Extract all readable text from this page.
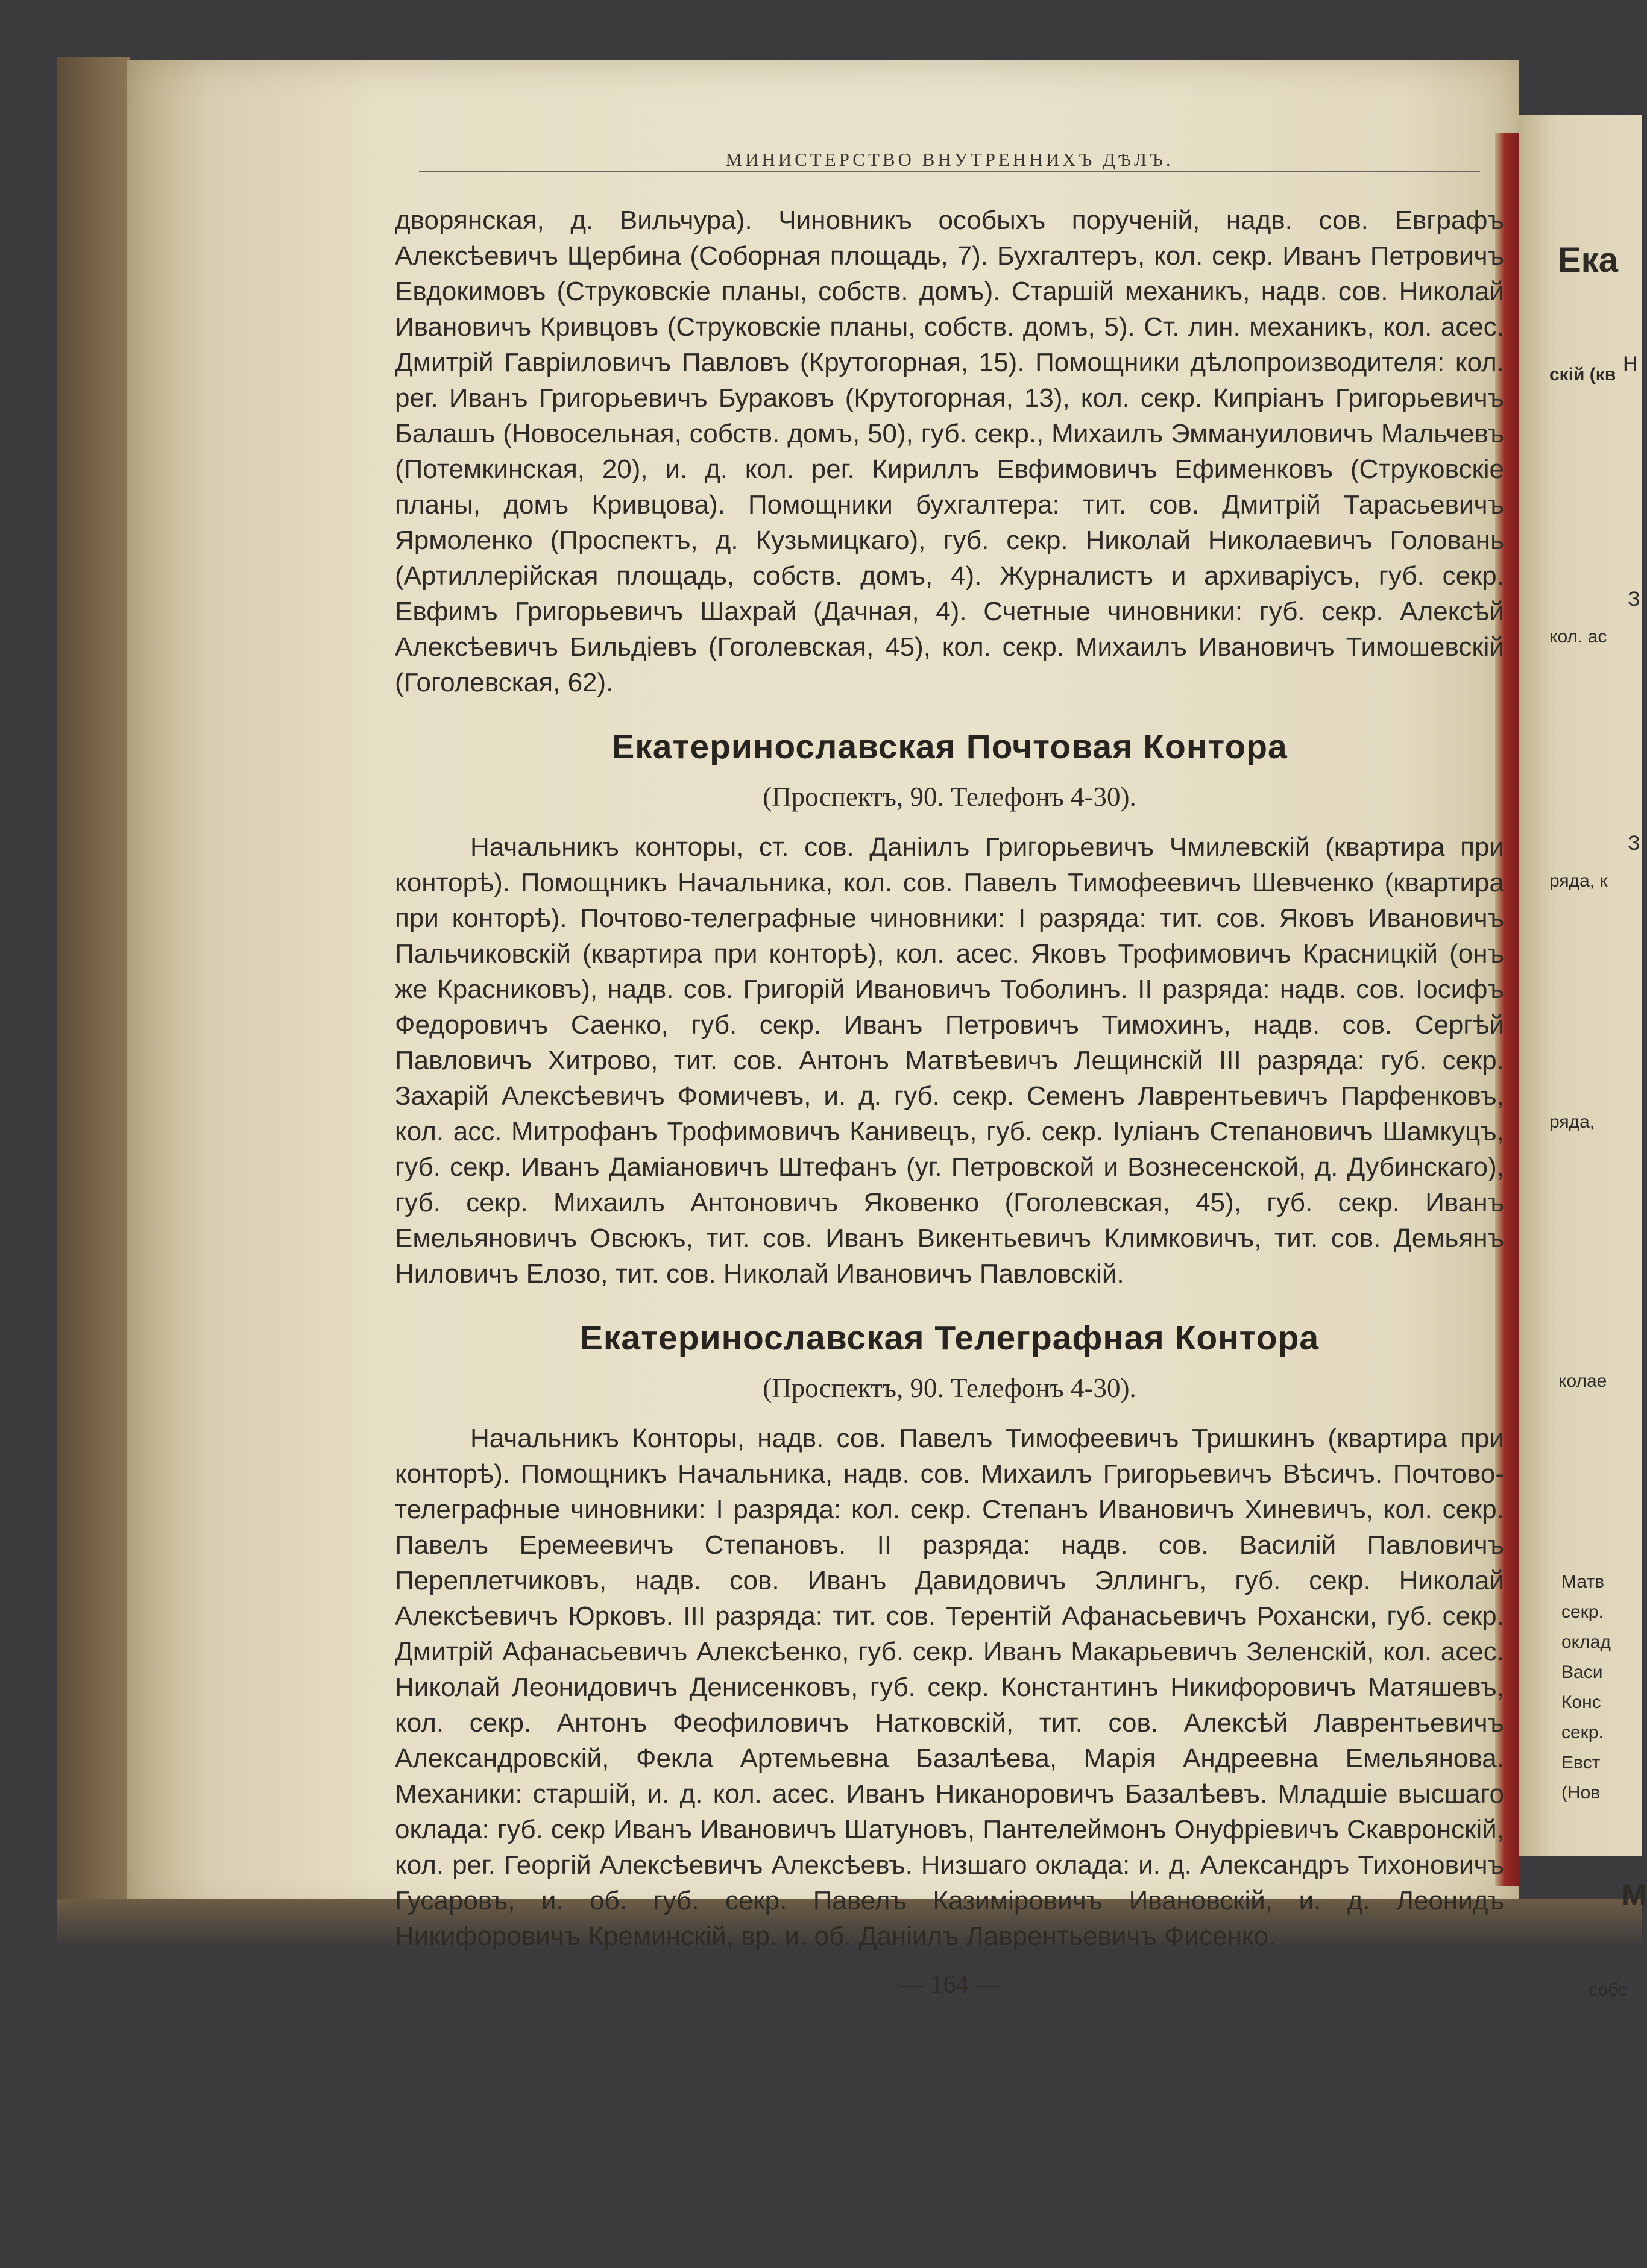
МИНИСТЕРСТВО ВНУТРЕННИХЪ ДѢЛЪ.

дворянская, д. Вильчура). Чиновникъ особыхъ порученій, надв. сов. Евграфъ Алексѣевичъ Щербина (Соборная площадь, 7). Бухгалтеръ, кол. секр. Иванъ Петровичъ Евдокимовъ (Струковскіе планы, собств. домъ). Старшій механикъ, надв. сов. Николай Ивановичъ Кривцовъ (Струковскіе планы, собств. домъ, 5). Ст. лин. механикъ, кол. асес. Дмитрій Гавріиловичъ Павловъ (Крутогорная, 15). Помощники дѣлопроизводителя: кол. рег. Иванъ Григорьевичъ Бураковъ (Крутогорная, 13), кол. секр. Кипріанъ Григорьевичъ Балашъ (Новосельная, собств. домъ, 50), губ. секр., Михаилъ Эммануиловичъ Мальчевъ (Потемкинская, 20), и. д. кол. рег. Кириллъ Евфимовичъ Ефименковъ (Струковскіе планы, домъ Кривцова). Помощники бухгалтера: тит. сов. Дмитрій Тарасьевичъ Ярмоленко (Проспектъ, д. Кузьмицкаго), губ. секр. Николай Николаевичъ Головань (Артиллерійская площадь, собств. домъ, 4). Журналистъ и архиваріусъ, губ. секр. Евфимъ Григорьевичъ Шахрай (Дачная, 4). Счетные чиновники: губ. секр. Алексѣй Алексѣевичъ Бильдіевъ (Гоголевская, 45), кол. секр. Михаилъ Ивановичъ Тимошевскій (Гоголевская, 62).

Екатеринославская Почтовая Контора
(Проспектъ, 90. Телефонъ 4-30).

Начальникъ конторы, ст. сов. Даніилъ Григорьевичъ Чмилевскій (квартира при конторѣ). Помощникъ Начальника, кол. сов. Павелъ Тимофеевичъ Шевченко (квартира при конторѣ). Почтово-телеграфные чиновники: I разряда: тит. сов. Яковъ Ивановичъ Пальчиковскій (квартира при конторѣ), кол. асес. Яковъ Трофимовичъ Красницкій (онъ же Красниковъ), надв. сов. Григорій Ивановичъ Тоболинъ. II разряда: надв. сов. Іосифъ Федоровичъ Саенко, губ. секр. Иванъ Петровичъ Тимохинъ, надв. сов. Сергѣй Павловичъ Хитрово, тит. сов. Антонъ Матвѣевичъ Лещинскій III разряда: губ. секр. Захарій Алексѣевичъ Фомичевъ, и. д. губ. секр. Семенъ Лаврентьевичъ Парфенковъ, кол. асс. Митрофанъ Трофимовичъ Канивецъ, губ. секр. Іуліанъ Степановичъ Шамкуцъ, губ. секр. Иванъ Даміановичъ Штефанъ (уг. Петровской и Вознесенской, д. Дубинскаго), губ. секр. Михаилъ Антоновичъ Яковенко (Гоголевская, 45), губ. секр. Иванъ Емельяновичъ Овсюкъ, тит. сов. Иванъ Викентьевичъ Климковичъ, тит. сов. Демьянъ Ниловичъ Елозо, тит. сов. Николай Ивановичъ Павловскій.

Екатеринославская Телеграфная Контора
(Проспектъ, 90. Телефонъ 4-30).

Начальникъ Конторы, надв. сов. Павелъ Тимофеевичъ Тришкинъ (квартира при конторѣ). Помощникъ Начальника, надв. сов. Михаилъ Григорьевичъ Вѣсичъ. Почтово-телеграфные чиновники: I разряда: кол. секр. Степанъ Ивановичъ Хиневичъ, кол. секр. Павелъ Еремеевичъ Степановъ. II разряда: надв. сов. Василій Павловичъ Переплетчиковъ, надв. сов. Иванъ Давидовичъ Эллингъ, губ. секр. Николай Алексѣевичъ Юрковъ. III разряда: тит. сов. Терентій Афанасьевичъ Рохански, губ. секр. Дмитрій Афанасьевичъ Алексѣенко, губ. секр. Иванъ Макарьевичъ Зеленскій, кол. асес. Николай Леонидовичъ Денисенковъ, губ. секр. Константинъ Никифоровичъ Матяшевъ, кол. секр. Антонъ Феофиловичъ Натковскій, тит. сов. Алексѣй Лаврентьевичъ Александровскій, Фекла Артемьевна Базалѣева, Марія Андреевна Емельянова. Механики: старшій, и. д. кол. асес. Иванъ Никаноровичъ Базалѣевъ. Младшіе высшаго оклада: губ. секр Иванъ Ивановичъ Шатуновъ, Пантелеймонъ Онуфріевичъ Скавронскій, кол. рег. Георгій Алексѣевичъ Алексѣевъ. Низшаго оклада: и. д. Александръ Тихоновичъ Гусаровъ, и. об. губ. секр. Павелъ Казиміровичъ Ивановскій, и. д. Леонидъ Никифоровичъ Креминскій, вр. и. об. Даніилъ Лаврентьевичъ Фисенко.

— 164 —
Ека
Н
скій (кв
З
кол. ас
З
ряда, к
ряда,
колае
Матв
секр.
оклад
Васи
Конс
секр.
Евст
(Нов
М
собс
